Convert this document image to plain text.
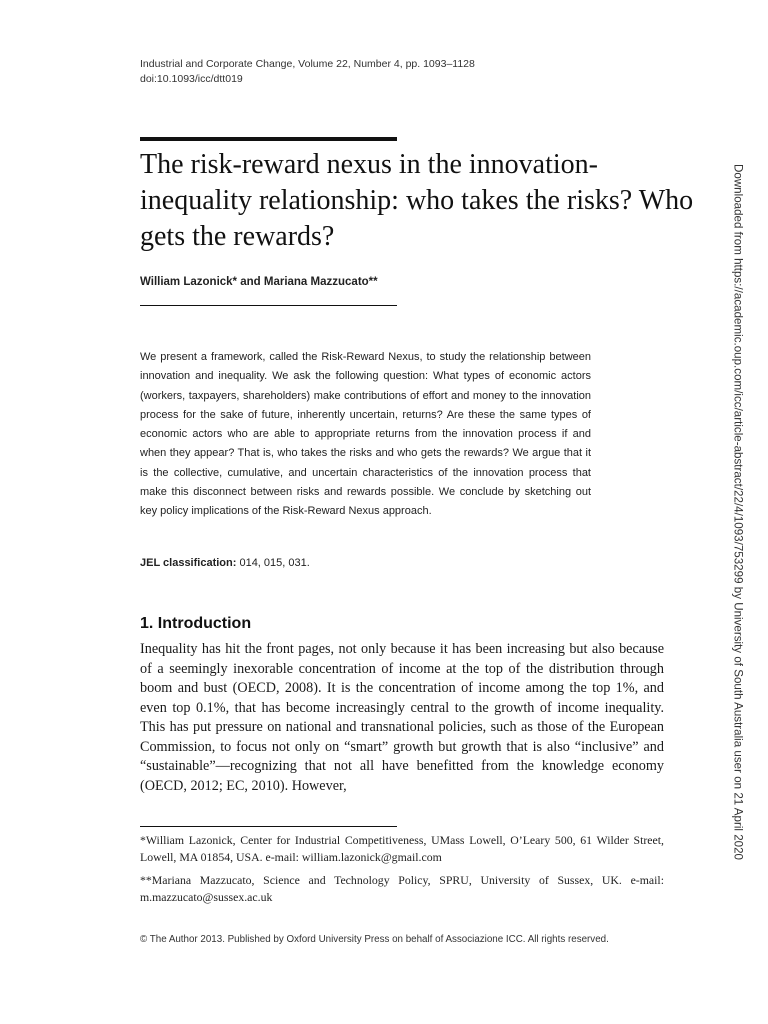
Industrial and Corporate Change, Volume 22, Number 4, pp. 1093–1128
doi:10.1093/icc/dtt019
The risk-reward nexus in the innovation-inequality relationship: who takes the risks? Who gets the rewards?
William Lazonick* and Mariana Mazzucato**

We present a framework, called the Risk-Reward Nexus, to study the relationship between innovation and inequality. We ask the following question: What types of economic actors (workers, taxpayers, shareholders) make contributions of effort and money to the innovation process for the sake of future, inherently uncertain, returns? Are these the same types of economic actors who are able to appropriate returns from the innovation process if and when they appear? That is, who takes the risks and who gets the rewards? We argue that it is the collective, cumulative, and uncertain characteristics of the innovation process that make this disconnect between risks and rewards possible. We conclude by sketching out key policy implications of the Risk-Reward Nexus approach.

JEL classification: 014, 015, 031.
1. Introduction

Inequality has hit the front pages, not only because it has been increasing but also because of a seemingly inexorable concentration of income at the top of the distribution through boom and bust (OECD, 2008). It is the concentration of income among the top 1%, and even top 0.1%, that has become increasingly central to the growth of income inequality. This has put pressure on national and transnational policies, such as those of the European Commission, to focus not only on “smart” growth but growth that is also “inclusive” and “sustainable”—recognizing that not all have benefitted from the knowledge economy (OECD, 2012; EC, 2010). However,

*William Lazonick, Center for Industrial Competitiveness, UMass Lowell, O’Leary 500, 61 Wilder Street, Lowell, MA 01854, USA. e-mail: william.lazonick@gmail.com

**Mariana Mazzucato, Science and Technology Policy, SPRU, University of Sussex, UK. e-mail: m.mazzucato@sussex.ac.uk

© The Author 2013. Published by Oxford University Press on behalf of Associazione ICC. All rights reserved.
Downloaded from https://academic.oup.com/icc/article-abstract/22/4/1093/753299 by University of South Australia user on 21 April 2020
